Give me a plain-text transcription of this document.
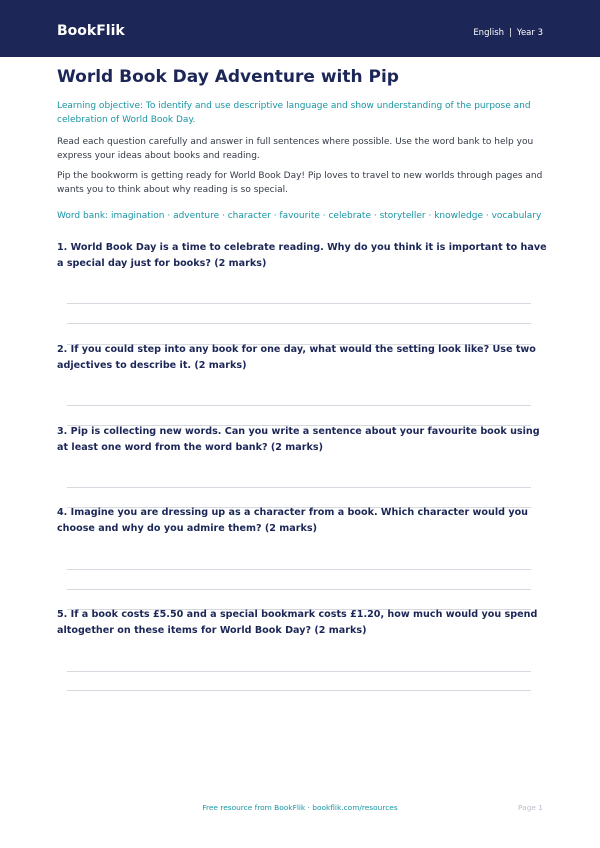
BookFlik	English | Year 3
World Book Day Adventure with Pip
Learning objective: To identify and use descriptive language and show understanding of the purpose and celebration of World Book Day.
Read each question carefully and answer in full sentences where possible. Use the word bank to help you express your ideas about books and reading.
Pip the bookworm is getting ready for World Book Day! Pip loves to travel to new worlds through pages and wants you to think about why reading is so special.
Word bank: imagination · adventure · character · favourite · celebrate · storyteller · knowledge · vocabulary
1. World Book Day is a time to celebrate reading. Why do you think it is important to have a special day just for books? (2 marks)
2. If you could step into any book for one day, what would the setting look like? Use two adjectives to describe it. (2 marks)
3. Pip is collecting new words. Can you write a sentence about your favourite book using at least one word from the word bank? (2 marks)
4. Imagine you are dressing up as a character from a book. Which character would you choose and why do you admire them? (2 marks)
5. If a book costs £5.50 and a special bookmark costs £1.20, how much would you spend altogether on these items for World Book Day? (2 marks)
Free resource from BookFlik · bookflik.com/resources	Page 1
